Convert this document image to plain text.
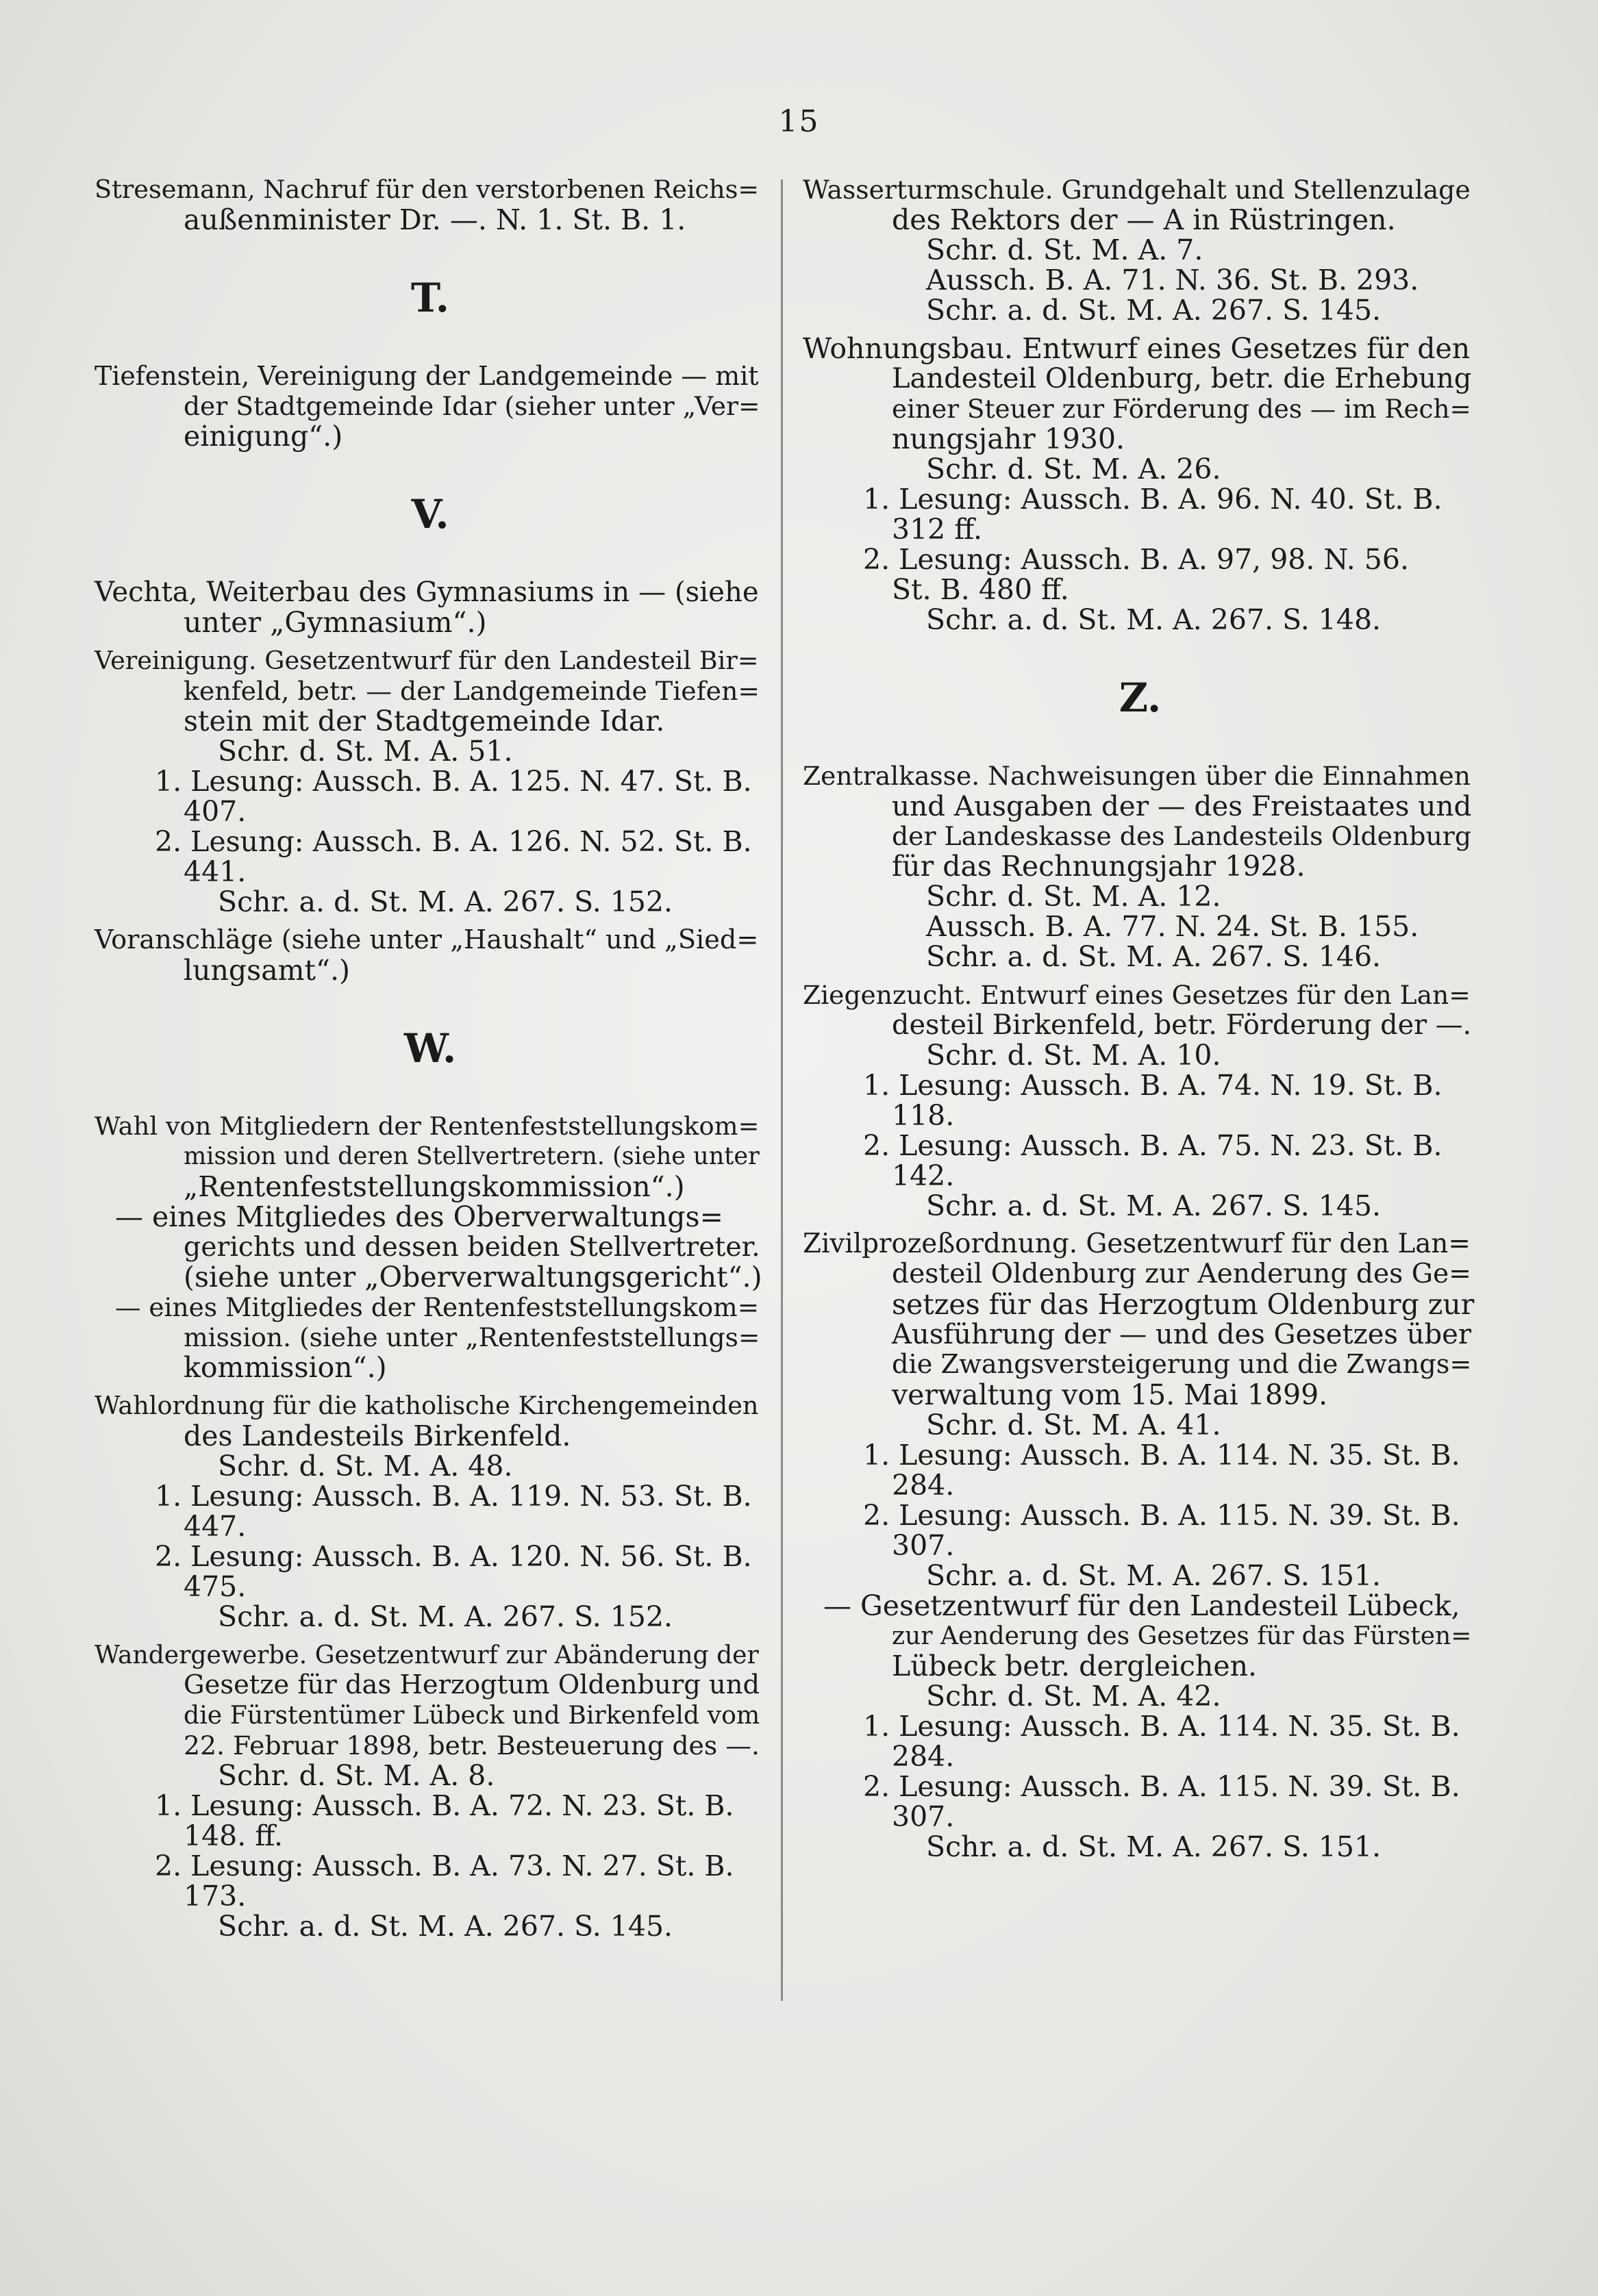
15
Stresemann, Nachruf für den verstorbenen Reichs=
außenminister Dr. —. N. 1. St. B. 1.
T.
Tiefenstein, Vereinigung der Landgemeinde — mit
der Stadtgemeinde Idar (sieher unter „Ver=
einigung“.)
V.
Vechta, Weiterbau des Gymnasiums in — (siehe
unter „Gymnasium“.)
Vereinigung. Gesetzentwurf für den Landesteil Bir=
kenfeld, betr. — der Landgemeinde Tiefen=
stein mit der Stadtgemeinde Idar.
Schr. d. St. M. A. 51.
1. Lesung: Aussch. B. A. 125. N. 47. St. B.
407.
2. Lesung: Aussch. B. A. 126. N. 52. St. B.
441.
Schr. a. d. St. M. A. 267. S. 152.
Voranschläge (siehe unter „Haushalt“ und „Sied=
lungsamt“.)
W.
Wahl von Mitgliedern der Rentenfeststellungskom=
mission und deren Stellvertretern. (siehe unter
„Rentenfeststellungskommission“.)
— eines Mitgliedes des Oberverwaltungs=
gerichts und dessen beiden Stellvertreter.
(siehe unter „Oberverwaltungsgericht“.)
— eines Mitgliedes der Rentenfeststellungskom=
mission. (siehe unter „Rentenfeststellungs=
kommission“.)
Wahlordnung für die katholische Kirchengemeinden
des Landesteils Birkenfeld.
Schr. d. St. M. A. 48.
1. Lesung: Aussch. B. A. 119. N. 53. St. B.
447.
2. Lesung: Aussch. B. A. 120. N. 56. St. B.
475.
Schr. a. d. St. M. A. 267. S. 152.
Wandergewerbe. Gesetzentwurf zur Abänderung der
Gesetze für das Herzogtum Oldenburg und
die Fürstentümer Lübeck und Birkenfeld vom
22. Februar 1898, betr. Besteuerung des —.
Schr. d. St. M. A. 8.
1. Lesung: Aussch. B. A. 72. N. 23. St. B.
148. ff.
2. Lesung: Aussch. B. A. 73. N. 27. St. B.
173.
Schr. a. d. St. M. A. 267. S. 145.
Wasserturmschule. Grundgehalt und Stellenzulage
des Rektors der — A in Rüstringen.
Schr. d. St. M. A. 7.
Aussch. B. A. 71. N. 36. St. B. 293.
Schr. a. d. St. M. A. 267. S. 145.
Wohnungsbau. Entwurf eines Gesetzes für den
Landesteil Oldenburg, betr. die Erhebung
einer Steuer zur Förderung des — im Rech=
nungsjahr 1930.
Schr. d. St. M. A. 26.
1. Lesung: Aussch. B. A. 96. N. 40. St. B.
312 ff.
2. Lesung: Aussch. B. A. 97, 98. N. 56.
St. B. 480 ff.
Schr. a. d. St. M. A. 267. S. 148.
Z.
Zentralkasse. Nachweisungen über die Einnahmen
und Ausgaben der — des Freistaates und
der Landeskasse des Landesteils Oldenburg
für das Rechnungsjahr 1928.
Schr. d. St. M. A. 12.
Aussch. B. A. 77. N. 24. St. B. 155.
Schr. a. d. St. M. A. 267. S. 146.
Ziegenzucht. Entwurf eines Gesetzes für den Lan=
desteil Birkenfeld, betr. Förderung der —.
Schr. d. St. M. A. 10.
1. Lesung: Aussch. B. A. 74. N. 19. St. B.
118.
2. Lesung: Aussch. B. A. 75. N. 23. St. B.
142.
Schr. a. d. St. M. A. 267. S. 145.
Zivilprozeßordnung. Gesetzentwurf für den Lan=
desteil Oldenburg zur Aenderung des Ge=
setzes für das Herzogtum Oldenburg zur
Ausführung der — und des Gesetzes über
die Zwangsversteigerung und die Zwangs=
verwaltung vom 15. Mai 1899.
Schr. d. St. M. A. 41.
1. Lesung: Aussch. B. A. 114. N. 35. St. B.
284.
2. Lesung: Aussch. B. A. 115. N. 39. St. B.
307.
Schr. a. d. St. M. A. 267. S. 151.
— Gesetzentwurf für den Landesteil Lübeck,
zur Aenderung des Gesetzes für das Fürsten=
Lübeck betr. dergleichen.
Schr. d. St. M. A. 42.
1. Lesung: Aussch. B. A. 114. N. 35. St. B.
284.
2. Lesung: Aussch. B. A. 115. N. 39. St. B.
307.
Schr. a. d. St. M. A. 267. S. 151.
